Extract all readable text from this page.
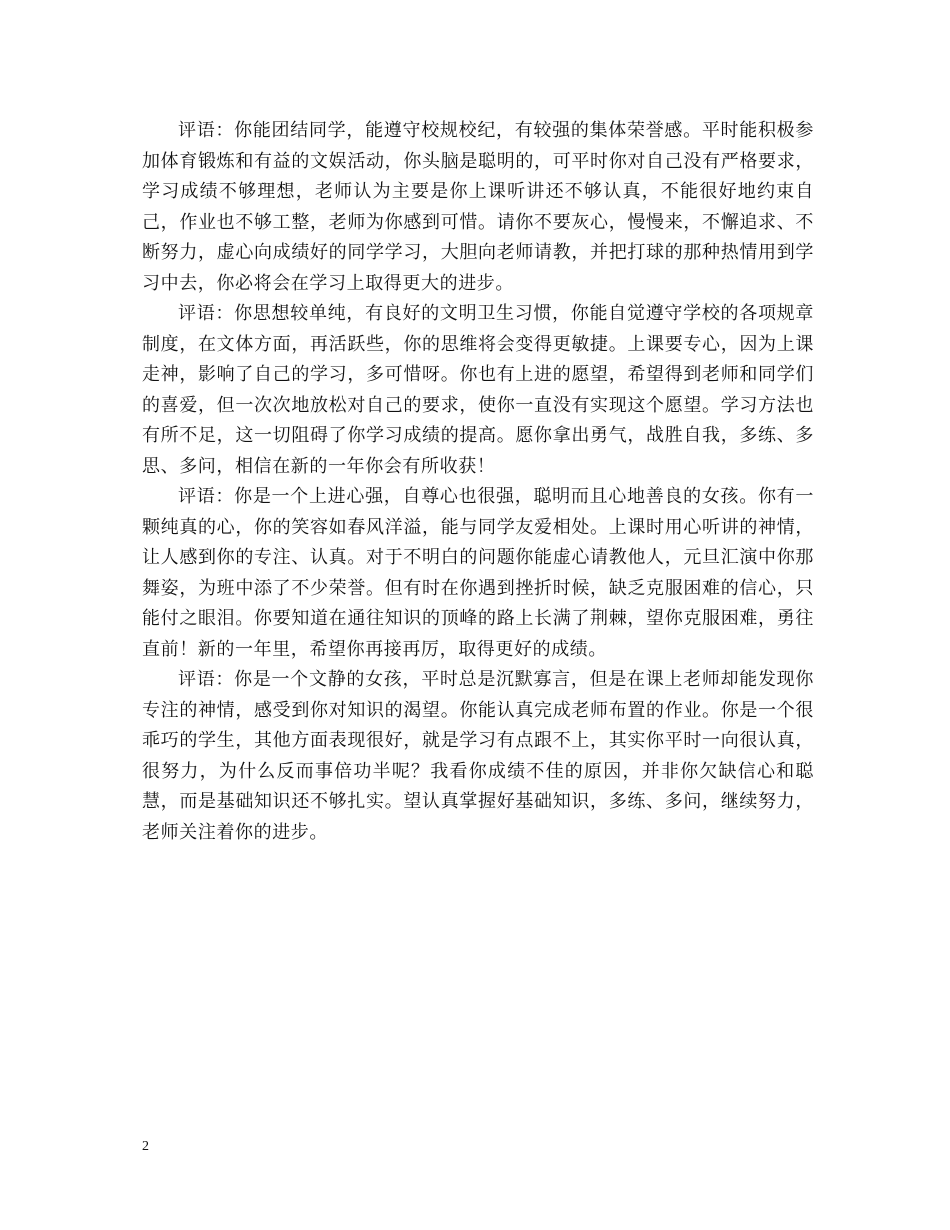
评语：你能团结同学，能遵守校规校纪，有较强的集体荣誉感。平时能积极参加体育锻炼和有益的文娱活动，你头脑是聪明的，可平时你对自己没有严格要求，学习成绩不够理想，老师认为主要是你上课听讲还不够认真，不能很好地约束自己，作业也不够工整，老师为你感到可惜。请你不要灰心，慢慢来，不懈追求、不断努力，虚心向成绩好的同学学习，大胆向老师请教，并把打球的那种热情用到学习中去，你必将会在学习上取得更大的进步。

评语：你思想较单纯，有良好的文明卫生习惯，你能自觉遵守学校的各项规章制度，在文体方面，再活跃些，你的思维将会变得更敏捷。上课要专心，因为上课走神，影响了自己的学习，多可惜呀。你也有上进的愿望，希望得到老师和同学们的喜爱，但一次次地放松对自己的要求，使你一直没有实现这个愿望。学习方法也有所不足，这一切阻碍了你学习成绩的提高。愿你拿出勇气，战胜自我，多练、多思、多问，相信在新的一年你会有所收获！

评语：你是一个上进心强，自尊心也很强，聪明而且心地善良的女孩。你有一颗纯真的心，你的笑容如春风洋溢，能与同学友爱相处。上课时用心听讲的神情，让人感到你的专注、认真。对于不明白的问题你能虚心请教他人，元旦汇演中你那舞姿，为班中添了不少荣誉。但有时在你遇到挫折时候，缺乏克服困难的信心，只能付之眼泪。你要知道在通往知识的顶峰的路上长满了荆棘，望你克服困难，勇往直前！新的一年里，希望你再接再厉，取得更好的成绩。

评语：你是一个文静的女孩，平时总是沉默寡言，但是在课上老师却能发现你专注的神情，感受到你对知识的渴望。你能认真完成老师布置的作业。你是一个很乖巧的学生，其他方面表现很好，就是学习有点跟不上，其实你平时一向很认真，很努力，为什么反而事倍功半呢？我看你成绩不佳的原因，并非你欠缺信心和聪慧，而是基础知识还不够扎实。望认真掌握好基础知识，多练、多问，继续努力，老师关注着你的进步。

2
